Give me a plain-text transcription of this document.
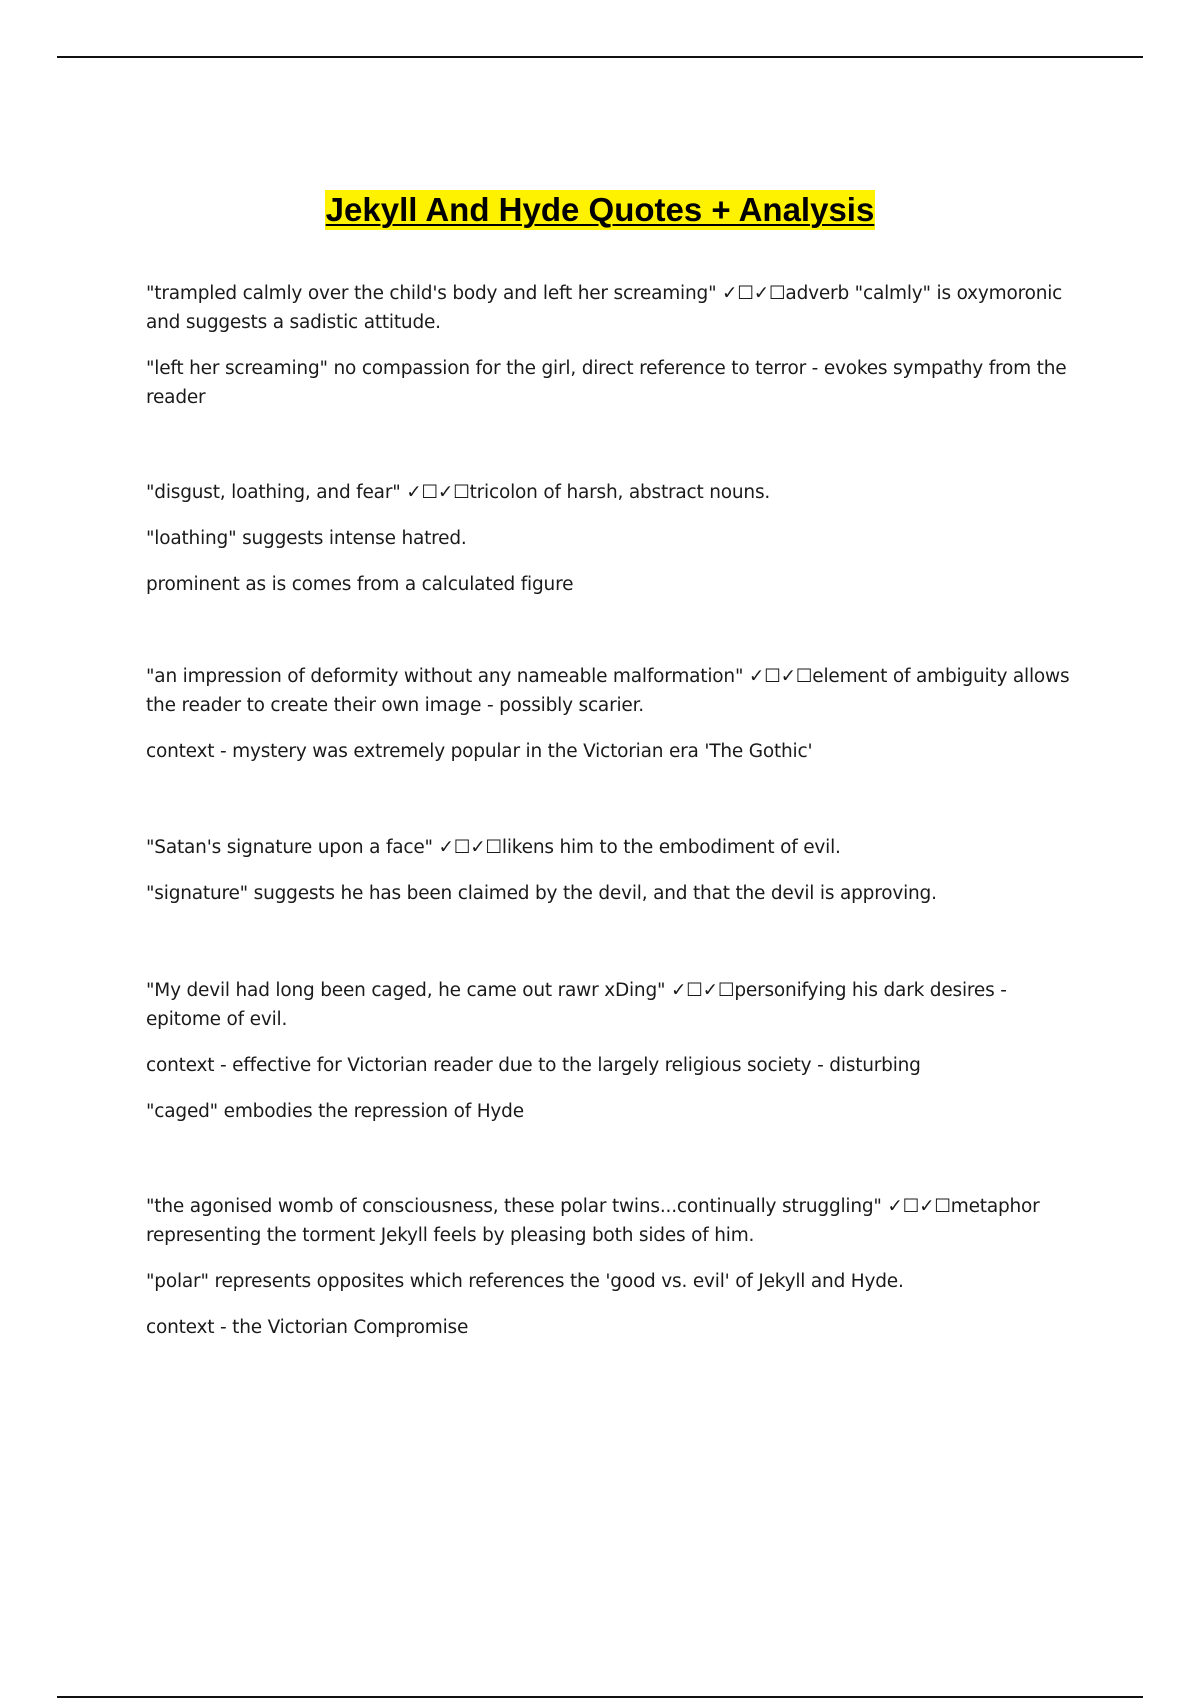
Jekyll And Hyde Quotes + Analysis

"trampled calmly over the child's body and left her screaming" ✓☐✓☐adverb "calmly" is oxymoronic and suggests a sadistic attitude.

"left her screaming" no compassion for the girl, direct reference to terror - evokes sympathy from the reader

"disgust, loathing, and fear" ✓☐✓☐tricolon of harsh, abstract nouns.

"loathing" suggests intense hatred.

prominent as is comes from a calculated figure

"an impression of deformity without any nameable malformation" ✓☐✓☐element of ambiguity allows the reader to create their own image - possibly scarier.

context - mystery was extremely popular in the Victorian era 'The Gothic'

"Satan's signature upon a face" ✓☐✓☐likens him to the embodiment of evil.

"signature" suggests he has been claimed by the devil, and that the devil is approving.

"My devil had long been caged, he came out rawr xDing" ✓☐✓☐personifying his dark desires - epitome of evil.

context - effective for Victorian reader due to the largely religious society - disturbing

"caged" embodies the repression of Hyde

"the agonised womb of consciousness, these polar twins...continually struggling" ✓☐✓☐metaphor representing the torment Jekyll feels by pleasing both sides of him.

"polar" represents opposites which references the 'good vs. evil' of Jekyll and Hyde.

context - the Victorian Compromise
